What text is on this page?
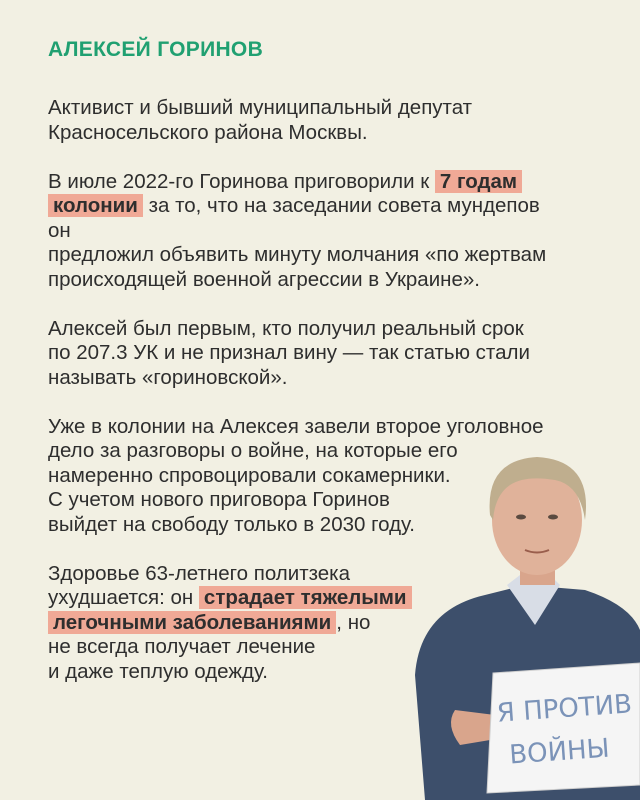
АЛЕКСЕЙ ГОРИНОВ

Активист и бывший муниципальный депутат
Красносельского района Москвы.

В июле 2022-го Горинова приговорили к 7 годам
колонии за то, что на заседании совета мундепов он
предложил объявить минуту молчания «по жертвам
происходящей военной агрессии в Украине».

Алексей был первым, кто получил реальный срок
по 207.3 УК и не признал вину — так статью стали
называть «гориновской».

Уже в колонии на Алексея завели второе уголовное
дело за разговоры о войне, на которые его
намеренно спровоцировали сокамерники.
С учетом нового приговора Горинов
выйдет на свободу только в 2030 году.

Здоровье 63-летнего политзека
ухудшается: он страдает тяжелыми
легочными заболеваниями , но
не всегда получает лечение
и даже теплую одежду.

Я ПРОТИВ
ВОЙНЫ
